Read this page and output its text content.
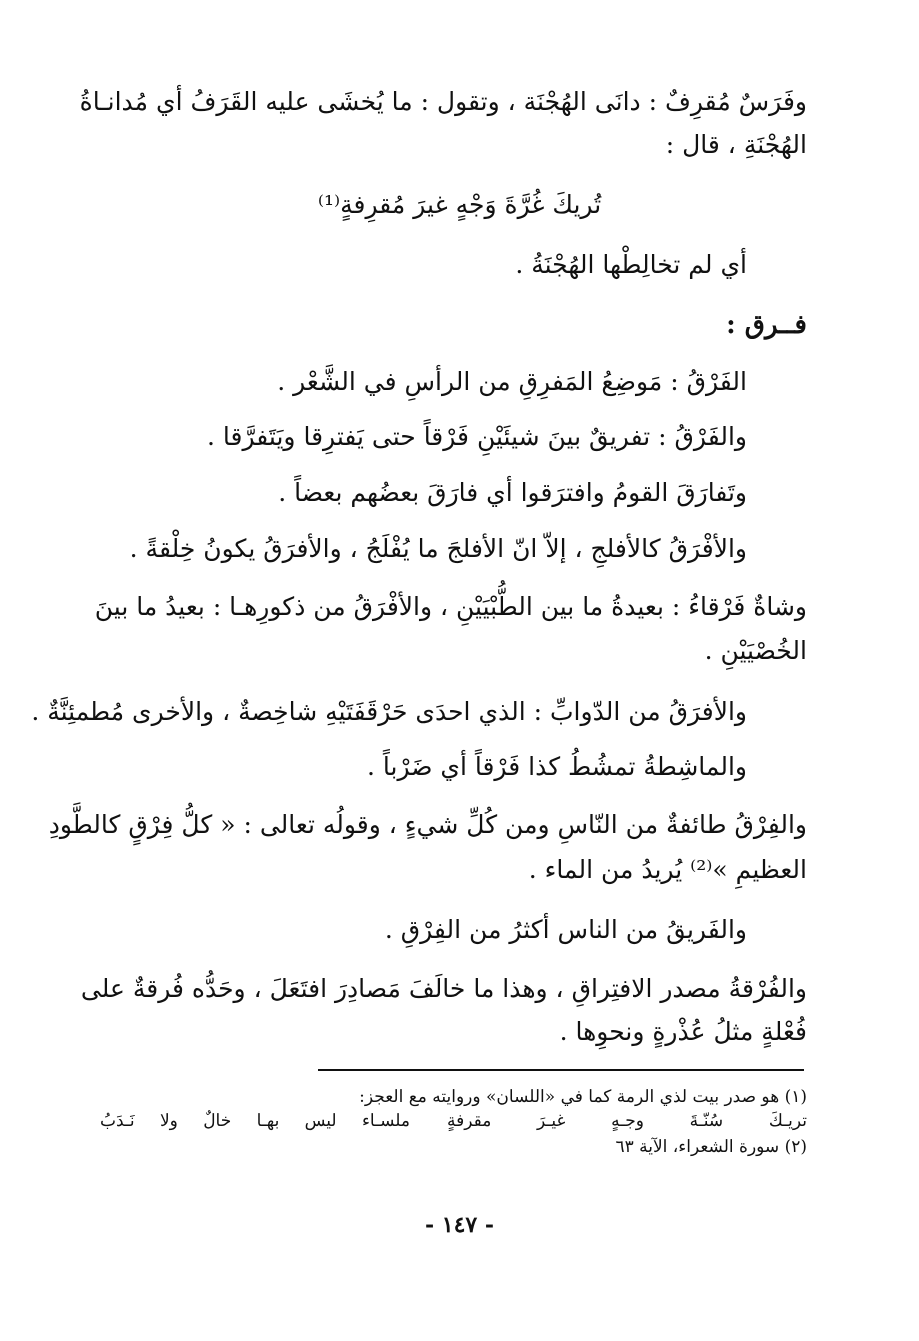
وفَرَسٌ مُقرِفٌ : دانَى الهُجْنَة ، وتقول : ما يُخشَى عليه القَرَفُ أي مُدانـاةُ
الهُجْنَةِ ، قال :
تُريكَ غُرَّةَ وَجْهٍ غيرَ مُقرِفةٍ⁽¹⁾
أي لم تخالِطْها الهُجْنَةُ .
فــرق :
الفَرْقُ : مَوضِعُ المَفرِقِ من الرأسِ في الشَّعْر .
والفَرْقُ : تفريقٌ بينَ شيئَيْنِ فَرْقاً حتى يَفترِقا ويَتَفرَّقا .
وتَفارَقَ القومُ وافترَقوا أي فارَقَ بعضُهم بعضاً .
والأفْرَقُ كالأفلجِ ، إلاّ انّ الأفلجَ ما يُفْلَجُ ، والأفرَقُ يكونُ خِلْقةً .
وشاةٌ فَرْقاءُ : بعيدةُ ما بين الطُّبْيَيْنِ ، والأفْرَقُ من ذكورِهـا : بعيدُ ما بينَ
الخُصْيَيْنِ .
والأفرَقُ من الدّوابِّ : الذي احدَى حَرْقَفَتَيْهِ شاخِصةٌ ، والأخرى مُطمئِنَّةٌ .
والماشِطةُ تمشُطُ كذا فَرْقاً أي ضَرْباً .
والفِرْقُ طائفةٌ من النّاسِ ومن كُلِّ شيءٍ ، وقولُه تعالى : « كلُّ فِرْقٍ كالطَّودِ
العظيمِ »⁽²⁾ يُريدُ من الماء .
والفَريقُ من الناس أكثرُ من الفِرْقِ .
والفُرْقةُ مصدر الافتِراقِ ، وهذا ما خالَفَ مَصادِرَ افتَعَلَ ، وحَدُّه فُرقةٌ على
فُعْلةٍ مثلُ عُذْرةٍ ونحوِها .
(١) هو صدر بيت لذي الرمة كما في «اللسان» وروايته مع العجز:
تريـكَ سُنّـةَ وجـهٍ غيـرَ مقرفةٍ
ملسـاء ليس بهـا خالٌ ولا نَـدَبُ
(٢) سورة الشعراء، الآية ٦٣
- ١٤٧ -
